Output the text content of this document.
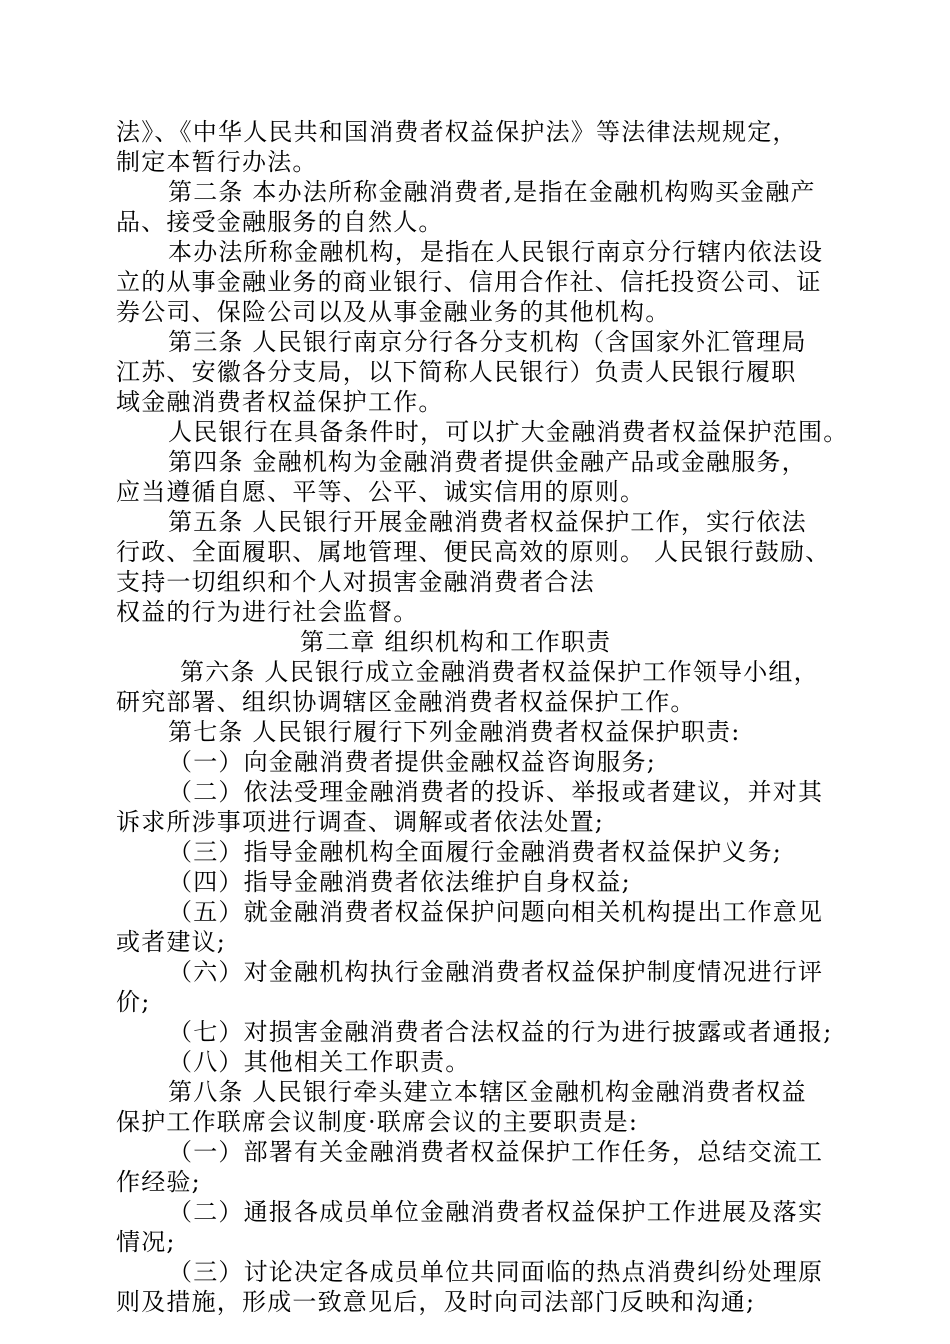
法》、《中华人民共和国消费者权益保护法》等法律法规规定，
制定本暂行办法。
第二条 本办法所称金融消费者,是指在金融机构购买金融产
品、接受金融服务的自然人。
本办法所称金融机构，是指在人民银行南京分行辖内依法设
立的从事金融业务的商业银行、信用合作社、信托投资公司、证
券公司、保险公司以及从事金融业务的其他机构。
第三条 人民银行南京分行各分支机构（含国家外汇管理局
江苏、安徽各分支局，以下简称人民银行）负责人民银行履职
域金融消费者权益保护工作。
人民银行在具备条件时，可以扩大金融消费者权益保护范围。
第四条 金融机构为金融消费者提供金融产品或金融服务，
应当遵循自愿、平等、公平、诚实信用的原则。
第五条 人民银行开展金融消费者权益保护工作，实行依法
行政、全面履职、属地管理、便民高效的原则。 人民银行鼓励、
支持一切组织和个人对损害金融消费者合法
权益的行为进行社会监督。
第二章 组织机构和工作职责
第六条 人民银行成立金融消费者权益保护工作领导小组，
研究部署、组织协调辖区金融消费者权益保护工作。
第七条 人民银行履行下列金融消费者权益保护职责:
（一）向金融消费者提供金融权益咨询服务;
（二）依法受理金融消费者的投诉、举报或者建议，并对其
诉求所涉事项进行调查、调解或者依法处置;
（三）指导金融机构全面履行金融消费者权益保护义务;
（四）指导金融消费者依法维护自身权益;
（五）就金融消费者权益保护问题向相关机构提出工作意见
或者建议;
（六）对金融机构执行金融消费者权益保护制度情况进行评
价;
（七）对损害金融消费者合法权益的行为进行披露或者通报;
（八）其他相关工作职责。
第八条 人民银行牵头建立本辖区金融机构金融消费者权益
保护工作联席会议制度·联席会议的主要职责是:
（一）部署有关金融消费者权益保护工作任务，总结交流工
作经验;
（二）通报各成员单位金融消费者权益保护工作进展及落实
情况;
（三）讨论决定各成员单位共同面临的热点消费纠纷处理原
则及措施，形成一致意见后，及时向司法部门反映和沟通;
